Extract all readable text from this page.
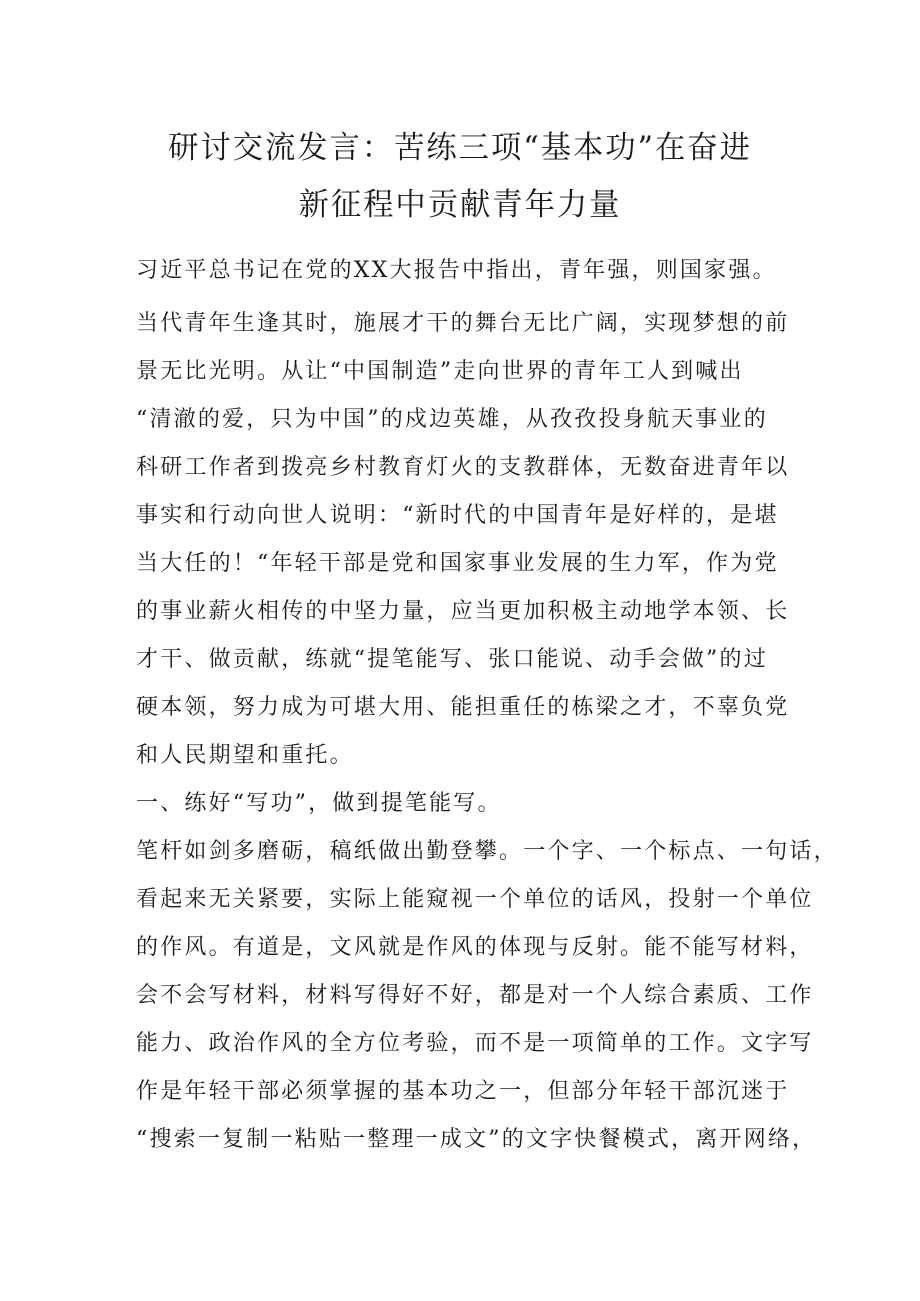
研讨交流发言：苦练三项“基本功”在奋进
新征程中贡献青年力量
习近平总书记在党的XX大报告中指出，青年强，则国家强。
当代青年生逢其时，施展才干的舞台无比广阔，实现梦想的前
景无比光明。从让“中国制造”走向世界的青年工人到喊出
“清澈的爱，只为中国”的戍边英雄，从孜孜投身航天事业的
科研工作者到拨亮乡村教育灯火的支教群体，无数奋进青年以
事实和行动向世人说明：“新时代的中国青年是好样的，是堪
当大任的！“年轻干部是党和国家事业发展的生力军，作为党
的事业薪火相传的中坚力量，应当更加积极主动地学本领、长
才干、做贡献，练就“提笔能写、张口能说、动手会做”的过
硬本领，努力成为可堪大用、能担重任的栋梁之才，不辜负党
和人民期望和重托。
一、练好“写功”，做到提笔能写。
笔杆如剑多磨砺，稿纸做出勤登攀。一个字、一个标点、一句话，
看起来无关紧要，实际上能窥视一个单位的话风，投射一个单位
的作风。有道是，文风就是作风的体现与反射。能不能写材料，
会不会写材料，材料写得好不好，都是对一个人综合素质、工作
能力、政治作风的全方位考验，而不是一项简单的工作。文字写
作是年轻干部必须掌握的基本功之一，但部分年轻干部沉迷于
“搜索一复制一粘贴一整理一成文”的文字快餐模式，离开网络，
